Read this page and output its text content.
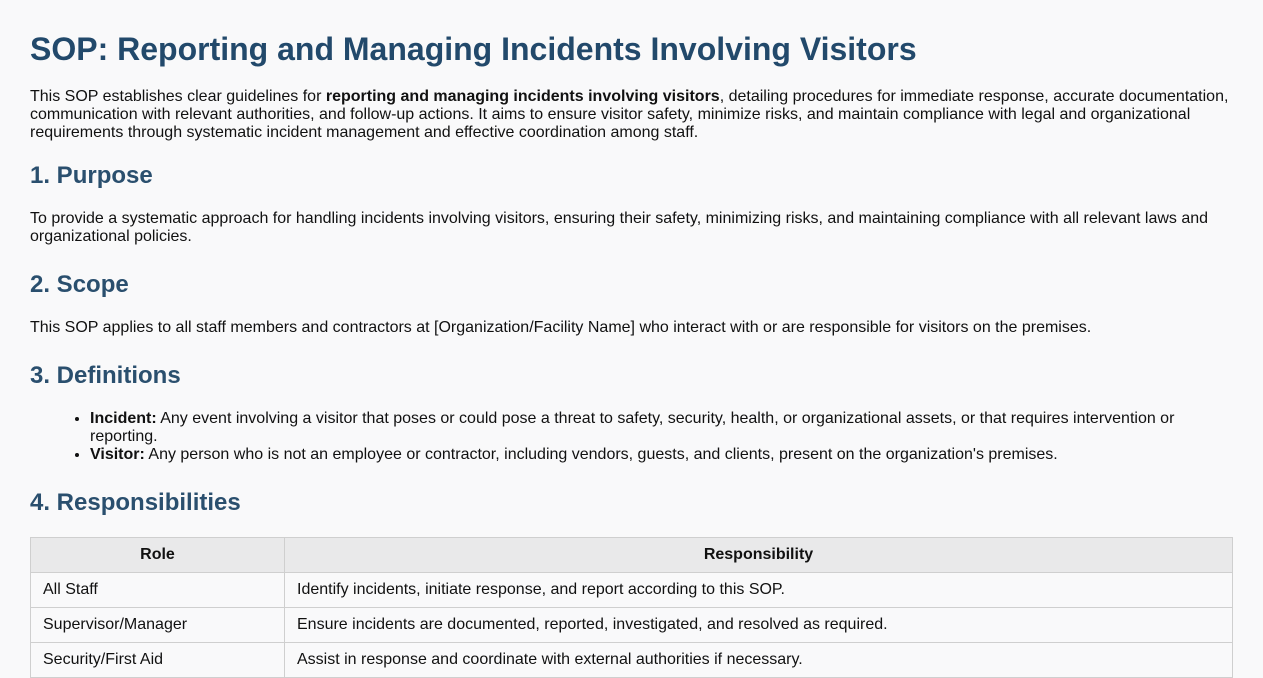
SOP: Reporting and Managing Incidents Involving Visitors

This SOP establishes clear guidelines for reporting and managing incidents involving visitors, detailing procedures for immediate response, accurate documentation, communication with relevant authorities, and follow-up actions. It aims to ensure visitor safety, minimize risks, and maintain compliance with legal and organizational requirements through systematic incident management and effective coordination among staff.

1. Purpose

To provide a systematic approach for handling incidents involving visitors, ensuring their safety, minimizing risks, and maintaining compliance with all relevant laws and organizational policies.

2. Scope

This SOP applies to all staff members and contractors at [Organization/Facility Name] who interact with or are responsible for visitors on the premises.

3. Definitions
• Incident: Any event involving a visitor that poses or could pose a threat to safety, security, health, or organizational assets, or that requires intervention or reporting.
• Visitor: Any person who is not an employee or contractor, including vendors, guests, and clients, present on the organization's premises.
4. Responsibilities
Role	Responsibility
All Staff	Identify incidents, initiate response, and report according to this SOP.
Supervisor/Manager	Ensure incidents are documented, reported, investigated, and resolved as required.
Security/First Aid	Assist in response and coordinate with external authorities if necessary.
